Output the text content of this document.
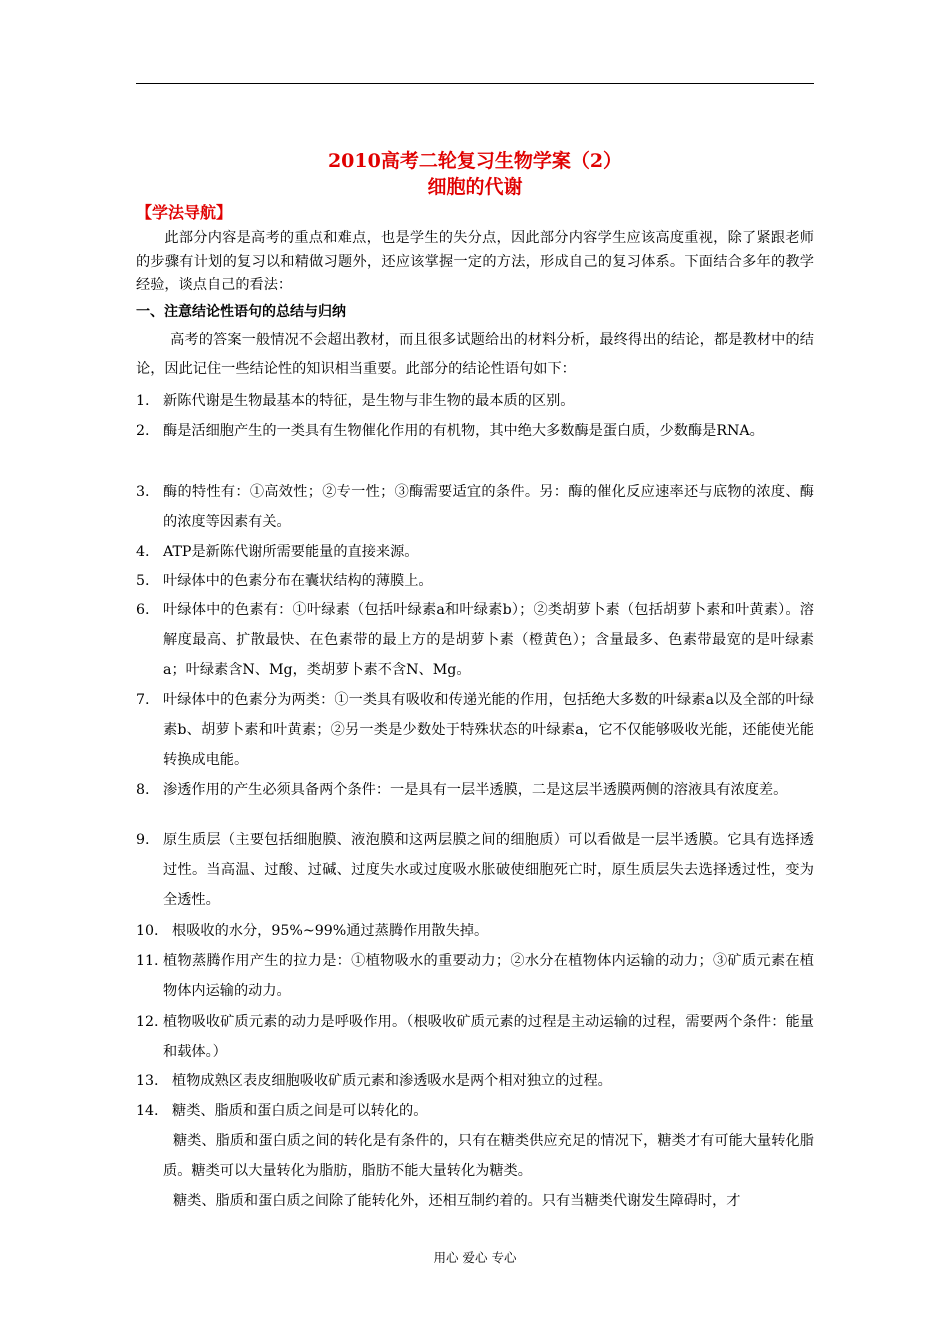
2010高考二轮复习生物学案（2）
细胞的代谢
【学法导航】

此部分内容是高考的重点和难点，也是学生的失分点，因此部分内容学生应该高度重视，除了紧跟老师的步骤有计划的复习以和精做习题外，还应该掌握一定的方法，形成自己的复习体系。下面结合多年的教学经验，谈点自己的看法：

一、注意结论性语句的总结与归纳

高考的答案一般情况不会超出教材，而且很多试题给出的材料分析，最终得出的结论，都是教材中的结论，因此记住一些结论性的知识相当重要。此部分的结论性语句如下：

1. 新陈代谢是生物最基本的特征，是生物与非生物的最本质的区别。
2. 酶是活细胞产生的一类具有生物催化作用的有机物，其中绝大多数酶是蛋白质，少数酶是RNA。
3. 酶的特性有：①高效性；②专一性；③酶需要适宜的条件。另：酶的催化反应速率还与底物的浓度、酶的浓度等因素有关。
4. ATP是新陈代谢所需要能量的直接来源。
5. 叶绿体中的色素分布在囊状结构的薄膜上。
6. 叶绿体中的色素有：①叶绿素（包括叶绿素a和叶绿素b）；②类胡萝卜素（包括胡萝卜素和叶黄素）。溶解度最高、扩散最快、在色素带的最上方的是胡萝卜素（橙黄色）；含量最多、色素带最宽的是叶绿素a；叶绿素含N、Mg，类胡萝卜素不含N、Mg。
7. 叶绿体中的色素分为两类：①一类具有吸收和传递光能的作用，包括绝大多数的叶绿素a以及全部的叶绿素b、胡萝卜素和叶黄素；②另一类是少数处于特殊状态的叶绿素a，它不仅能够吸收光能，还能使光能转换成电能。
8. 渗透作用的产生必须具备两个条件：一是具有一层半透膜，二是这层半透膜两侧的溶液具有浓度差。
9. 原生质层（主要包括细胞膜、液泡膜和这两层膜之间的细胞质）可以看做是一层半透膜。它具有选择透过性。当高温、过酸、过碱、过度失水或过度吸水胀破使细胞死亡时，原生质层失去选择透过性，变为全透性。
10. 根吸收的水分，95%~99%通过蒸腾作用散失掉。
11. 植物蒸腾作用产生的拉力是：①植物吸水的重要动力；②水分在植物体内运输的动力；③矿质元素在植物体内运输的动力。
12. 植物吸收矿质元素的动力是呼吸作用。（根吸收矿质元素的过程是主动运输的过程，需要两个条件：能量和载体。）
13. 植物成熟区表皮细胞吸收矿质元素和渗透吸水是两个相对独立的过程。
14. 糖类、脂质和蛋白质之间是可以转化的。

糖类、脂质和蛋白质之间的转化是有条件的，只有在糖类供应充足的情况下，糖类才有可能大量转化脂质。糖类可以大量转化为脂肪，脂肪不能大量转化为糖类。

糖类、脂质和蛋白质之间除了能转化外，还相互制约着的。只有当糖类代谢发生障碍时，才

用心 爱心 专心
